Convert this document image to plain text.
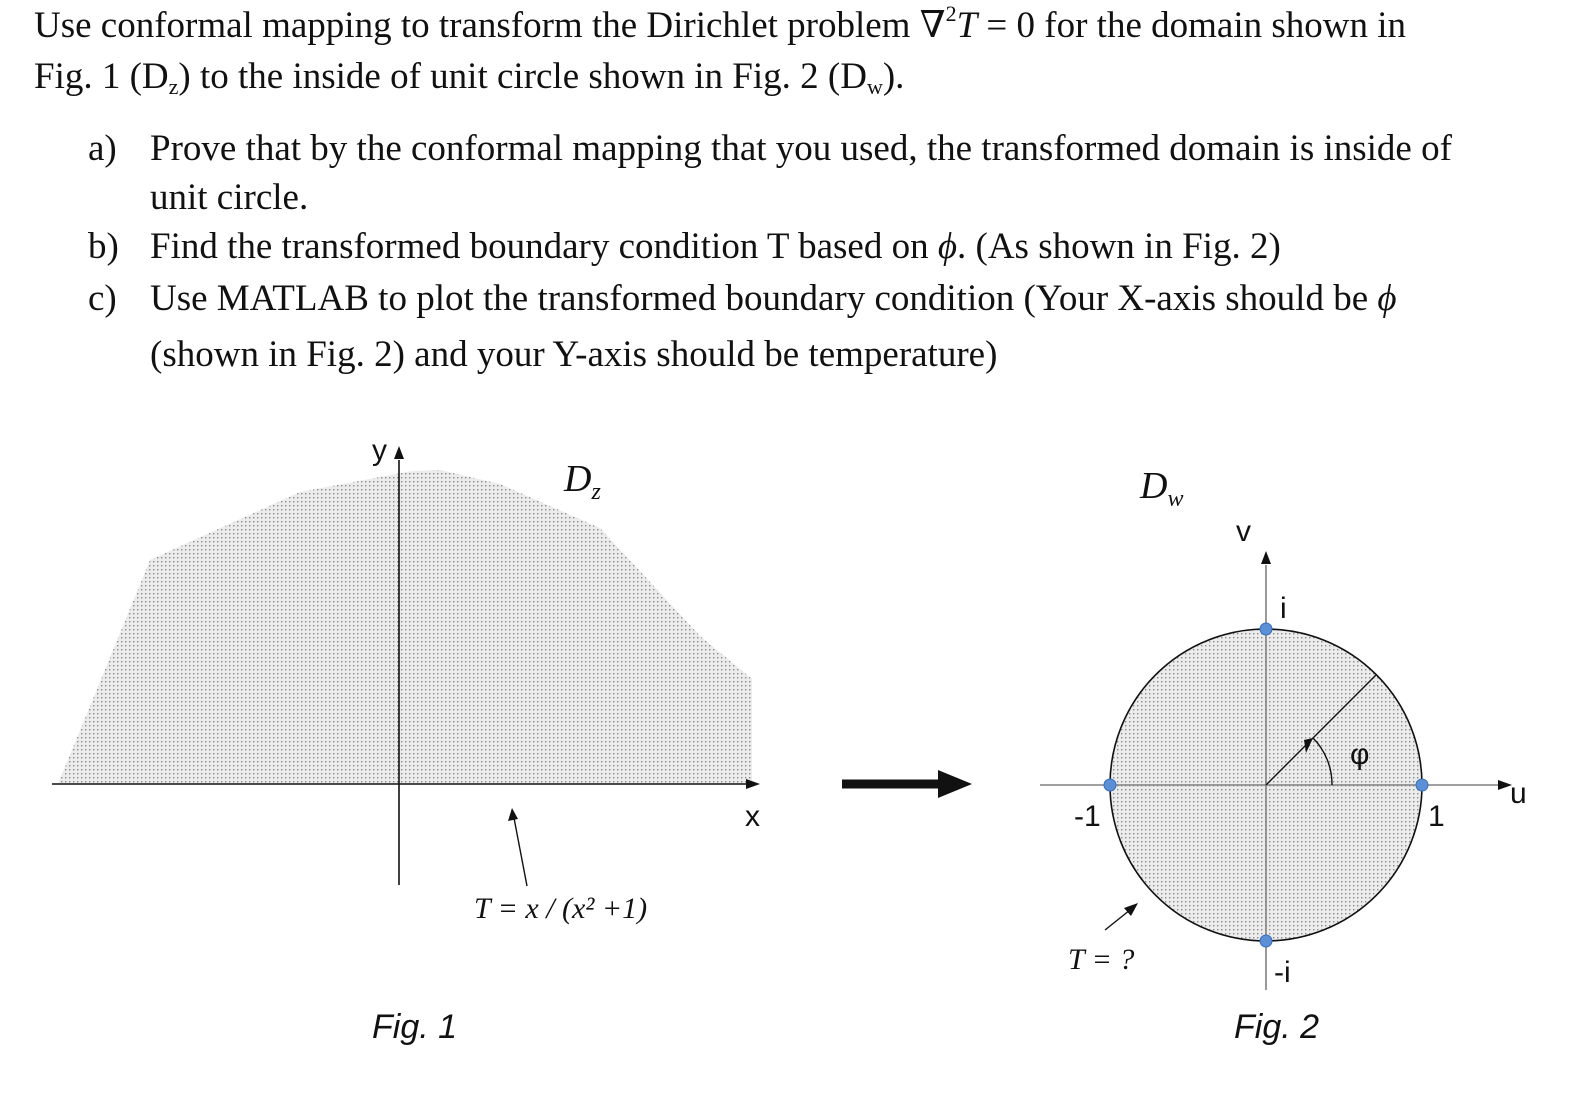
Use conformal mapping to transform the Dirichlet problem ∇$^2$T = 0 for the domain shown in
Fig. 1 $(D_z)$ to the inside of unit circle shown in Fig. 2 $(D_w)$.
a) Prove that by the conformal mapping that you used, the transformed domain is inside of
unit circle.
b) Find the transformed boundary condition T based on ϕ. (As shown in Fig. 2)
c) Use MATLAB to plot the transformed boundary condition (Your X-axis should be ϕ
(shown in Fig. 2) and your Y-axis should be temperature)
y
x
$D_z$
T = x / (x² +1)
Fig. 1
φ
v
u
i
-i
1
-1
$D_w$
T = ?
Fig. 2
